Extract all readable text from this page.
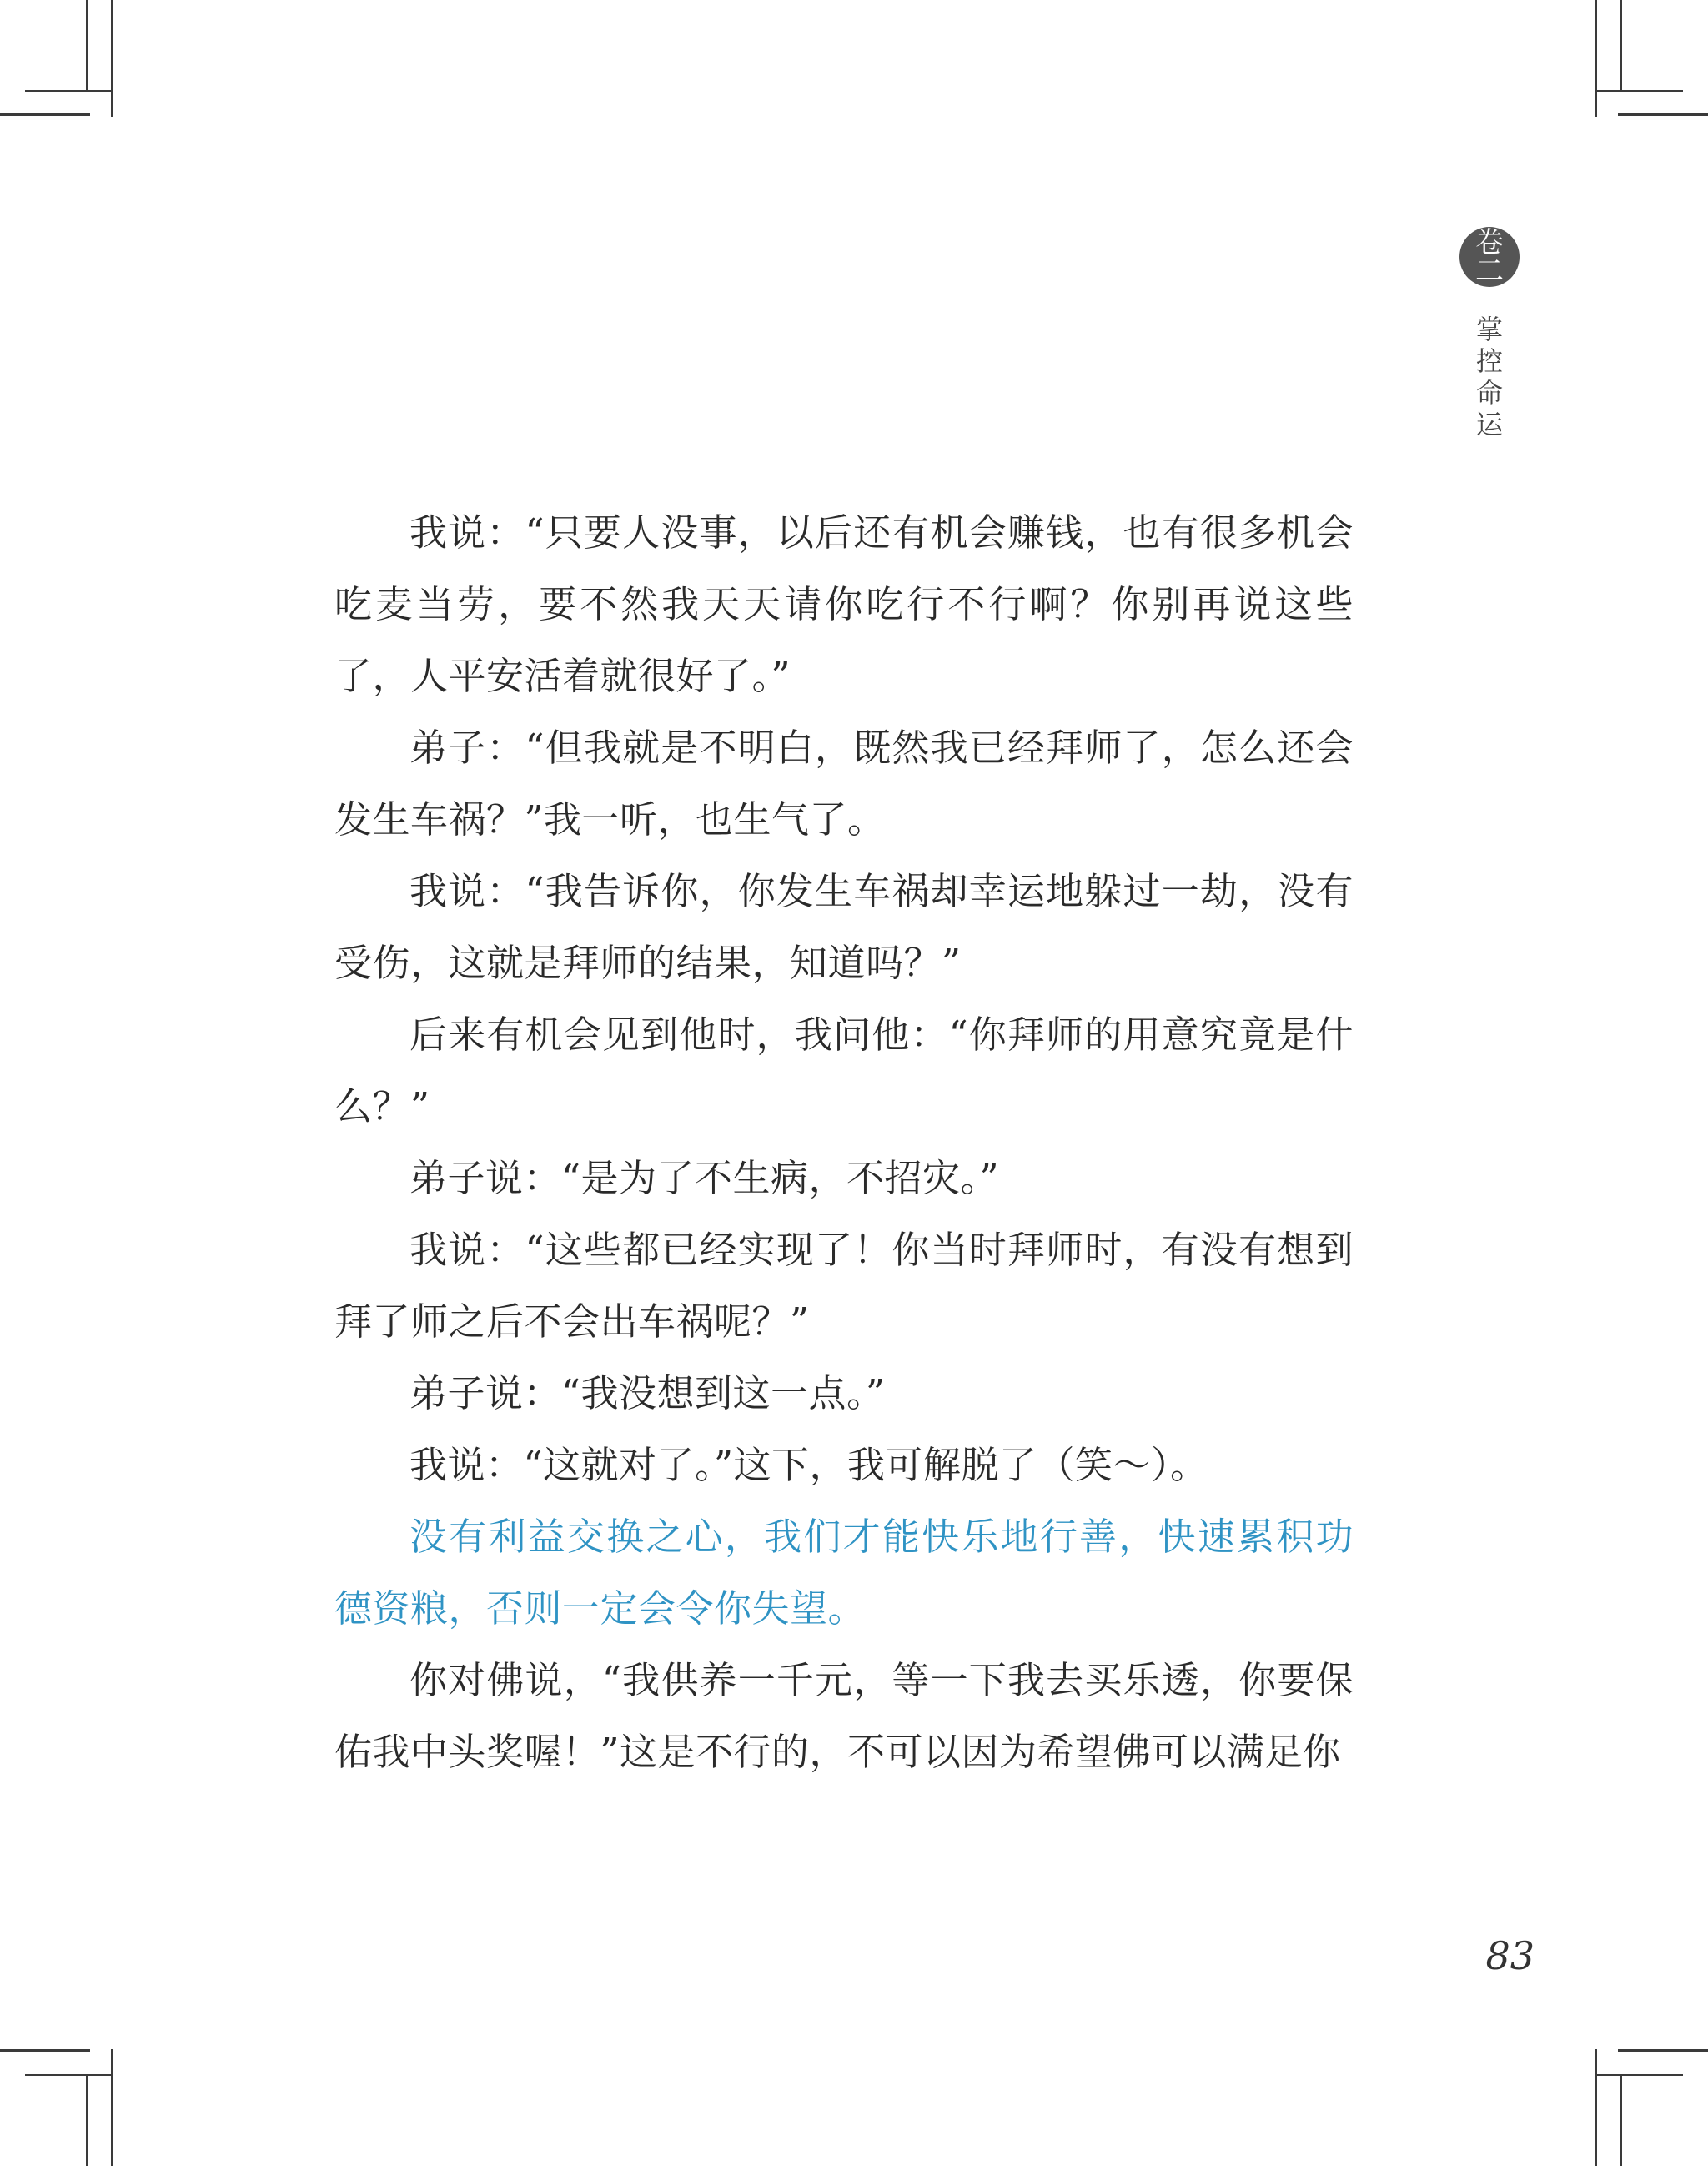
卷
二
掌控命运

我说：“只要人没事，以后还有机会赚钱，也有很多机会吃麦当劳，要不然我天天请你吃行不行啊？你别再说这些了，人平安活着就很好了。”

弟子：“但我就是不明白，既然我已经拜师了，怎么还会发生车祸？”我一听，也生气了。

我说：“我告诉你，你发生车祸却幸运地躲过一劫，没有受伤，这就是拜师的结果，知道吗？”

后来有机会见到他时，我问他：“你拜师的用意究竟是什么？”

弟子说：“是为了不生病，不招灾。”

我说：“这些都已经实现了！你当时拜师时，有没有想到拜了师之后不会出车祸呢？”

弟子说：“我没想到这一点。”

我说：“这就对了。”这下，我可解脱了（笑～）。

没有利益交换之心，我们才能快乐地行善，快速累积功德资粮，否则一定会令你失望。

你对佛说，“我供养一千元，等一下我去买乐透，你要保佑我中头奖喔！”这是不行的，不可以因为希望佛可以满足你

83
